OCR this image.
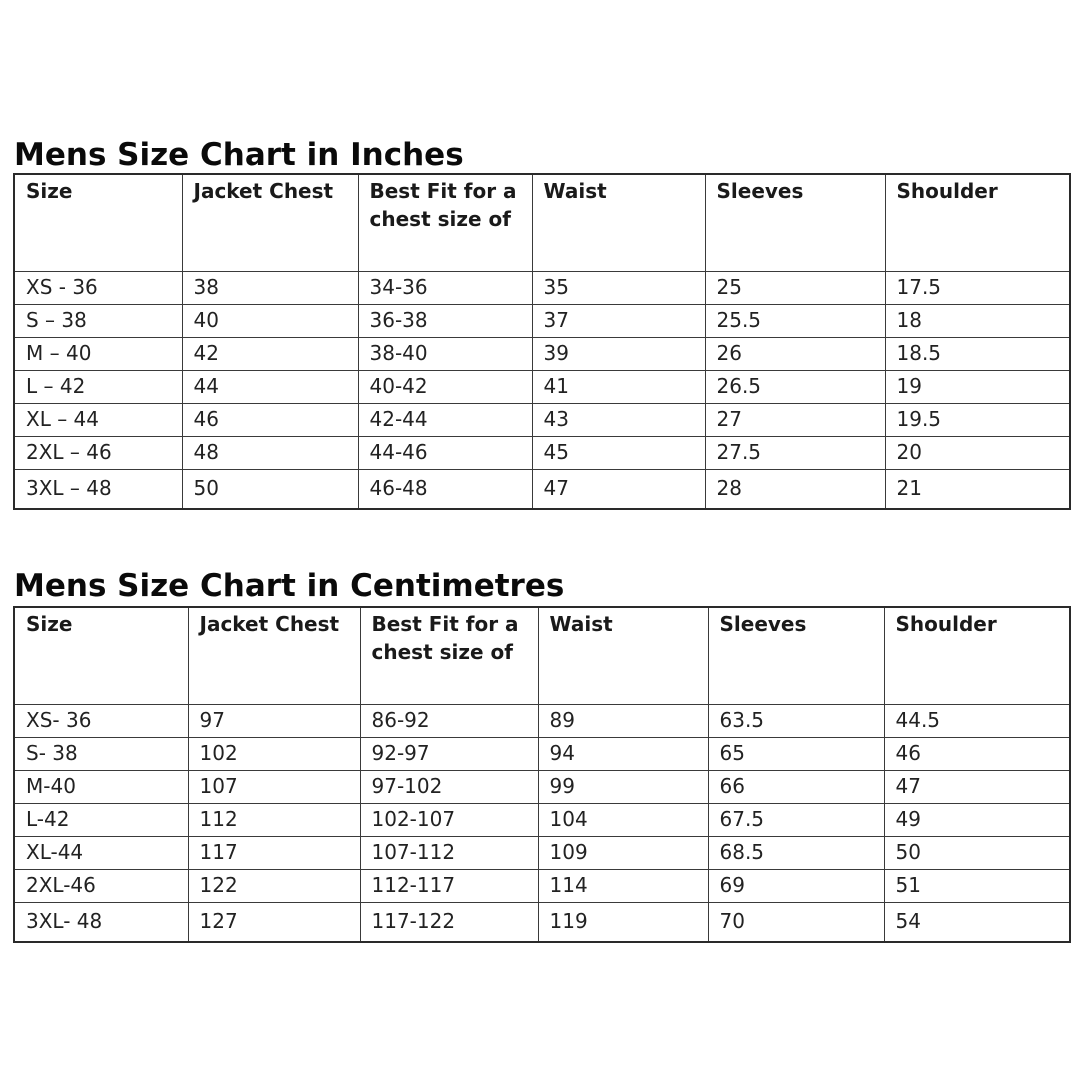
Mens Size Chart in Inches
Size	Jacket Chest	Best Fit for a chest size of	Waist	Sleeves	Shoulder
XS - 36	38	34-36	35	25	17.5
S – 38	40	36-38	37	25.5	18
M – 40	42	38-40	39	26	18.5
L – 42	44	40-42	41	26.5	19
XL – 44	46	42-44	43	27	19.5
2XL – 46	48	44-46	45	27.5	20
3XL – 48	50	46-48	47	28	21
Mens Size Chart in Centimetres
Size	Jacket Chest	Best Fit for a chest size of	Waist	Sleeves	Shoulder
XS- 36	97	86-92	89	63.5	44.5
S- 38	102	92-97	94	65	46
M-40	107	97-102	99	66	47
L-42	112	102-107	104	67.5	49
XL-44	117	107-112	109	68.5	50
2XL-46	122	112-117	114	69	51
3XL- 48	127	117-122	119	70	54
